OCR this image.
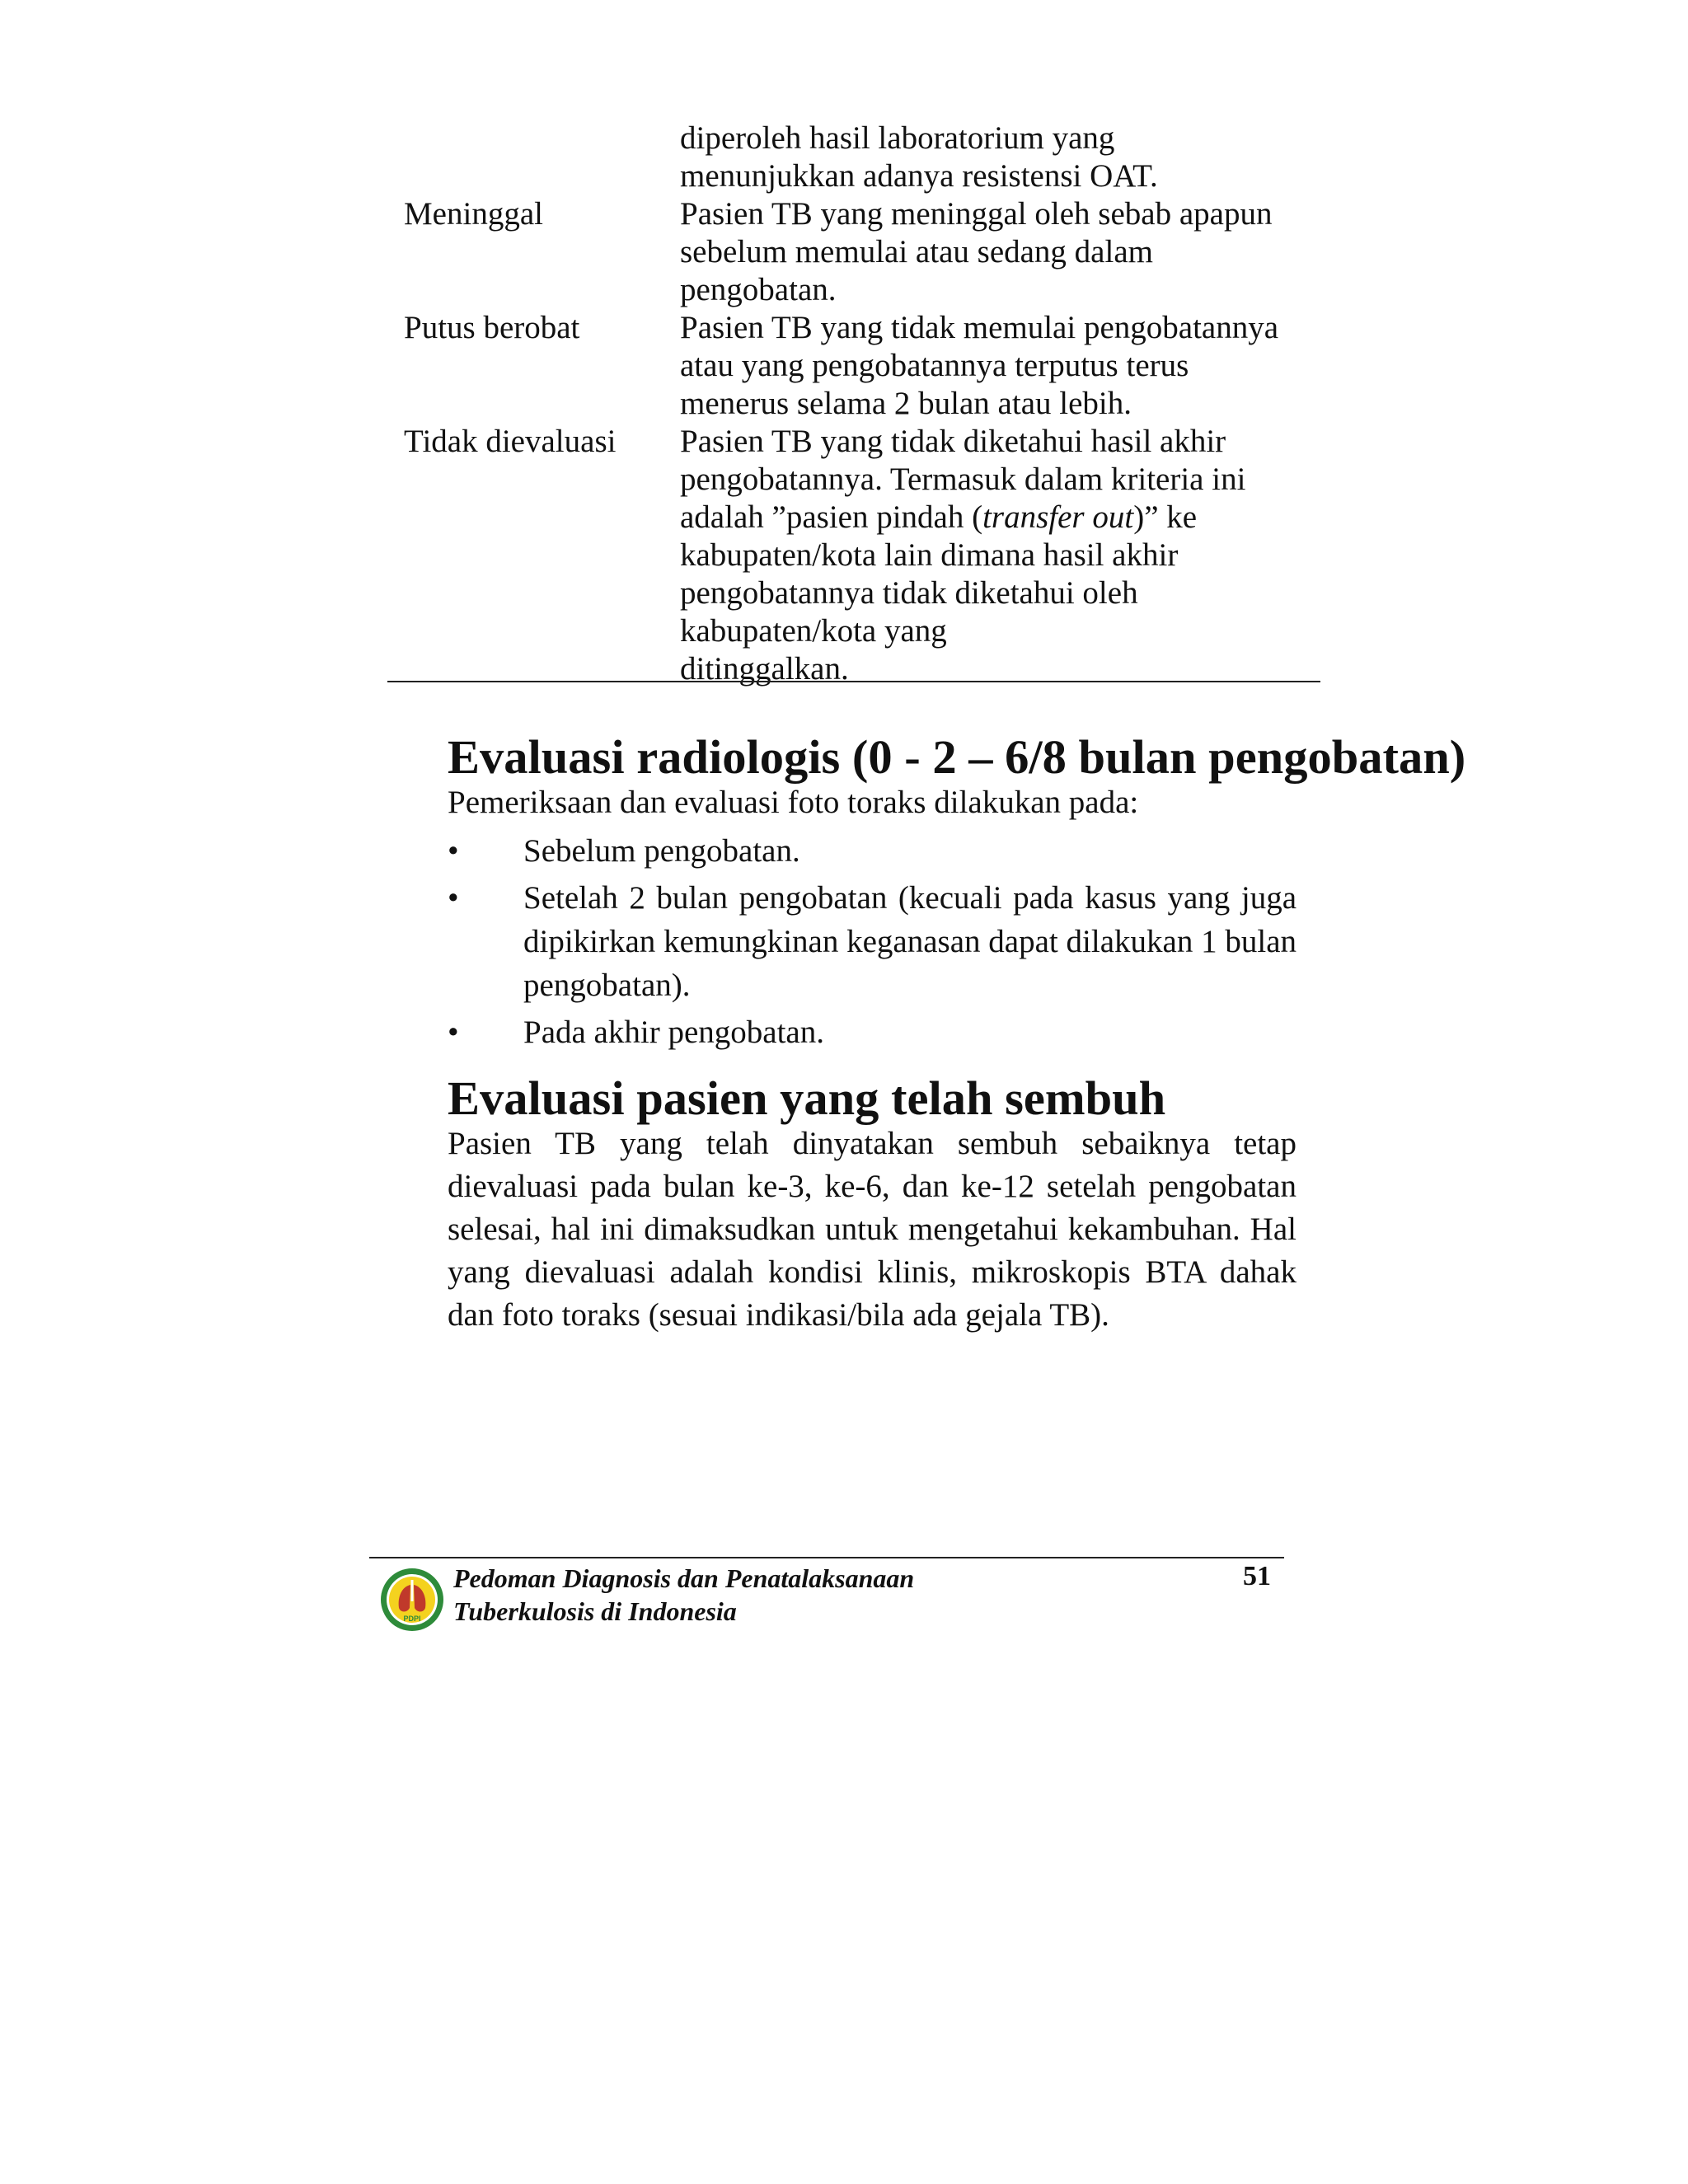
diperoleh hasil laboratorium yang
menunjukkan adanya resistensi OAT.
Meninggal	Pasien TB yang meninggal oleh sebab apapun
sebelum memulai atau sedang dalam
pengobatan.
Putus berobat	Pasien TB yang tidak memulai pengobatannya
atau yang pengobatannya terputus terus
menerus selama 2 bulan atau lebih.
Tidak dievaluasi	Pasien TB yang tidak diketahui hasil akhir
pengobatannya. Termasuk dalam kriteria ini
adalah ”pasien pindah (transfer out)” ke
kabupaten/kota lain dimana hasil akhir
pengobatannya tidak diketahui oleh
kabupaten/kota yang
ditinggalkan.
Evaluasi radiologis (0 - 2 – 6/8 bulan pengobatan)

Pemeriksaan dan evaluasi foto toraks dilakukan pada:

•	Sebelum pengobatan.
•	Setelah 2 bulan pengobatan (kecuali pada kasus yang juga dipikirkan kemungkinan keganasan dapat dilakukan 1 bulan pengobatan).
•	Pada akhir pengobatan.
Evaluasi pasien yang telah sembuh

Pasien TB yang telah dinyatakan sembuh sebaiknya tetap dievaluasi pada bulan ke-3, ke-6, dan ke-12 setelah pengobatan selesai, hal ini dimaksudkan untuk mengetahui kekambuhan. Hal yang dievaluasi adalah kondisi klinis, mikroskopis BTA dahak dan foto toraks (sesuai indikasi/bila ada gejala TB).

PDPI
Pedoman Diagnosis dan Penatalaksanaan
Tuberkulosis di Indonesia
51
